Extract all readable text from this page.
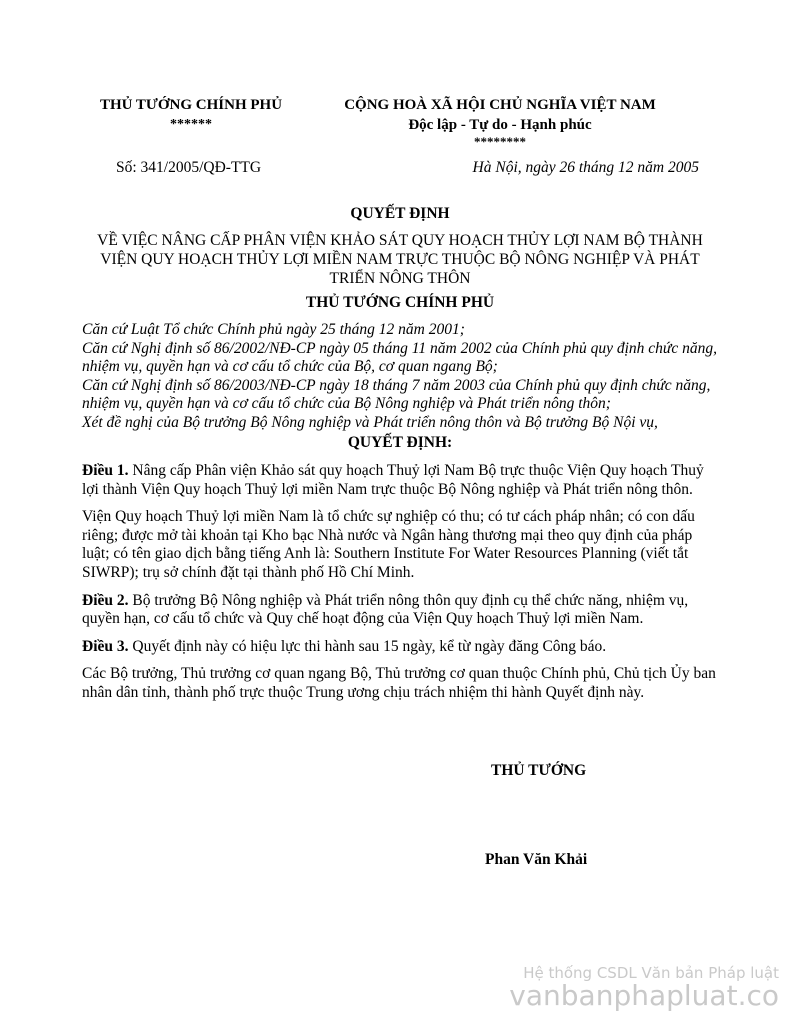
THỦ TƯỚNG CHÍNH PHỦ
******
CỘNG HOÀ XÃ HỘI CHỦ NGHĨA VIỆT NAM
Độc lập - Tự do - Hạnh phúc
********
Số: 341/2005/QĐ-TTG	Hà Nội, ngày 26 tháng 12 năm 2005
QUYẾT ĐỊNH
VỀ VIỆC NÂNG CẤP PHÂN VIỆN KHẢO SÁT QUY HOẠCH THỦY LỢI NAM BỘ THÀNH VIỆN QUY HOẠCH THỦY LỢI MIỀN NAM TRỰC THUỘC BỘ NÔNG NGHIỆP VÀ PHÁT TRIỂN NÔNG THÔN
THỦ TƯỚNG CHÍNH PHỦ

Căn cứ Luật Tổ chức Chính phủ ngày 25 tháng 12 năm 2001;

Căn cứ Nghị định số 86/2002/NĐ-CP ngày 05 tháng 11 năm 2002 của Chính phủ quy định chức năng, nhiệm vụ, quyền hạn và cơ cấu tổ chức của Bộ, cơ quan ngang Bộ;

Căn cứ Nghị định số 86/2003/NĐ-CP ngày 18 tháng 7 năm 2003 của Chính phủ quy định chức năng, nhiệm vụ, quyền hạn và cơ cấu tổ chức của Bộ Nông nghiệp và Phát triển nông thôn;

Xét đề nghị của Bộ trưởng Bộ Nông nghiệp và Phát triển nông thôn và Bộ trưởng Bộ Nội vụ,

QUYẾT ĐỊNH:

Điều 1. Nâng cấp Phân viện Khảo sát quy hoạch Thuỷ lợi Nam Bộ trực thuộc Viện Quy hoạch Thuỷ lợi thành Viện Quy hoạch Thuỷ lợi miền Nam trực thuộc Bộ Nông nghiệp và Phát triển nông thôn.

Viện Quy hoạch Thuỷ lợi miền Nam là tổ chức sự nghiệp có thu; có tư cách pháp nhân; có con dấu riêng; được mở tài khoản tại Kho bạc Nhà nước và Ngân hàng thương mại theo quy định của pháp luật; có tên giao dịch bằng tiếng Anh là: Southern Institute For Water Resources Planning (viết tắt SIWRP); trụ sở chính đặt tại thành phố Hồ Chí Minh.

Điều 2. Bộ trưởng Bộ Nông nghiệp và Phát triển nông thôn quy định cụ thể chức năng, nhiệm vụ, quyền hạn, cơ cấu tổ chức và Quy chế hoạt động của Viện Quy hoạch Thuỷ lợi miền Nam.

Điều 3. Quyết định này có hiệu lực thi hành sau 15 ngày, kể từ ngày đăng Công báo.

Các Bộ trưởng, Thủ trưởng cơ quan ngang Bộ, Thủ trưởng cơ quan thuộc Chính phủ, Chủ tịch Ủy ban nhân dân tỉnh, thành phố trực thuộc Trung ương chịu trách nhiệm thi hành Quyết định này.

THỦ TƯỚNG
Phan Văn Khải
Hệ thống CSDL Văn bản Pháp luật
vanbanphapluat.co
